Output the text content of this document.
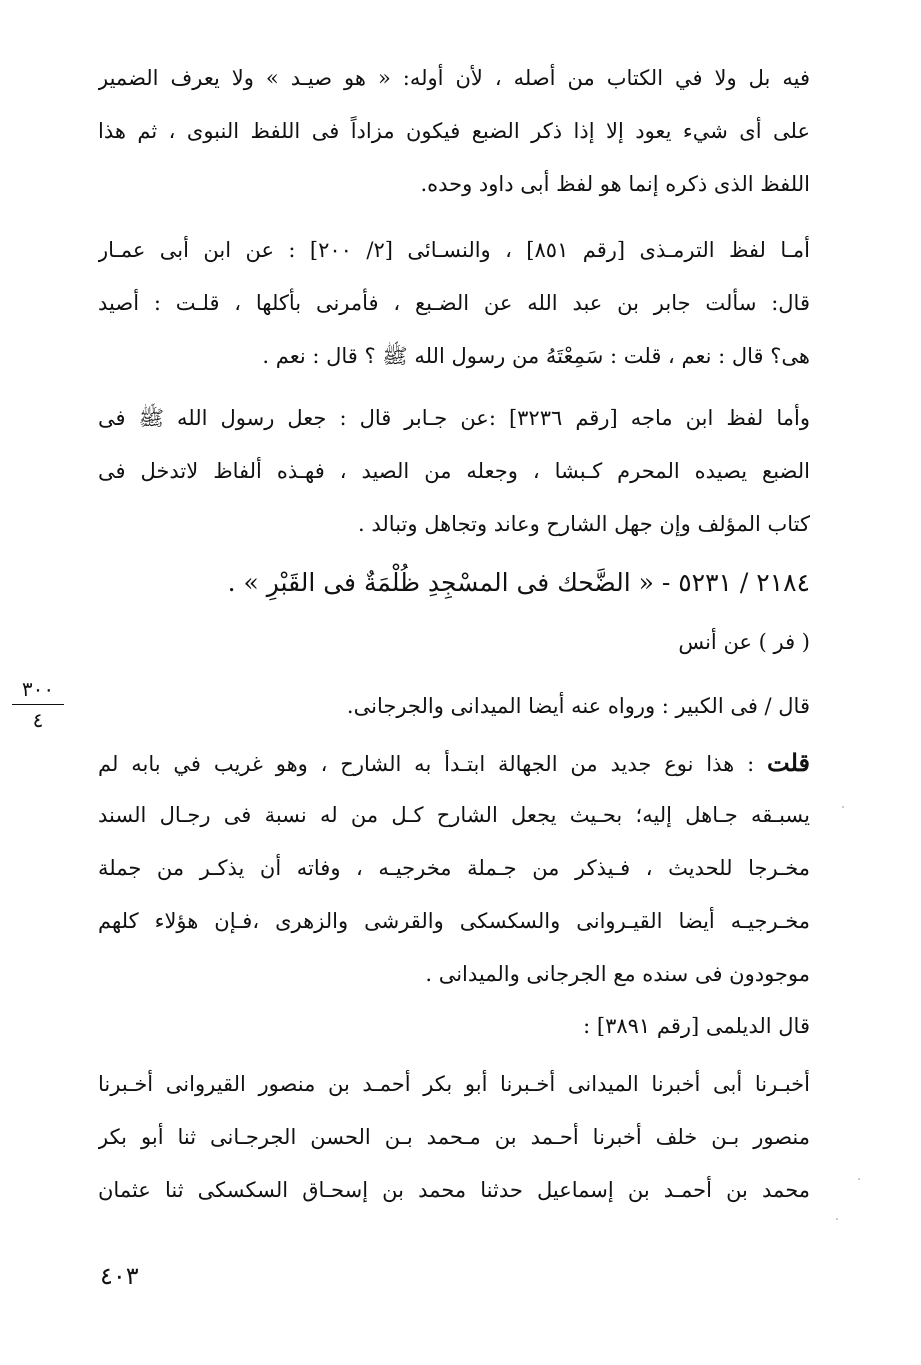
فيه بل ولا في الكتاب من أصله ، لأن أوله: « هو صيـد » ولا يعرف الضمير
على أى شيء يعود إلا إذا ذكر الضبع فيكون مزاداً فى اللفظ النبوى ، ثم هذا
اللفظ الذى ذكره إنما هو لفظ أبى داود وحده.
أمـا لفظ الترمـذى [رقم ٨٥١] ، والنسـائى [٢/ ٢٠٠] : عن ابن أبى عمـار
قال: سألت جابر بن عبد الله عن الضـبع ، فأمرنى بأكلها ، قلـت : أصيد
هى؟ قال : نعم ، قلت : سَمِعْتَهُ من رسول الله ﷺ ؟ قال : نعم .
وأما لفظ ابن ماجه [رقم ٣٢٣٦] :عن جـابر قال : جعل رسول الله ﷺ فى
الضبع يصيده المحرم كـبشا ، وجعله من الصيد ، فهـذه ألفاظ لاتدخل فى
كتاب المؤلف وإن جهل الشارح وعاند وتجاهل وتبالد .
٢١٨٤ / ٥٢٣١ - « الضَّحك فى المسْجِدِ ظُلْمَةٌ فى القَبْرِ » .
( فر ) عن أنس
قال / فى الكبير : ورواه عنه أيضا الميدانى والجرجانى.
قلت : هذا نوع جديد من الجهالة ابتـدأ به الشارح ، وهو غريب في بابه لم
يسبـقه جـاهل إليه؛ بحـيث يجعل الشارح كـل من له نسبة فى رجـال السند
مخـرجا للحديث ، فـيذكر من جـملة مخرجيـه ، وفاته أن يذكـر من جملة
مخـرجيـه أيضا القيـروانى والسكسكى والقرشى والزهرى ،فـإن هؤلاء كلهم
موجودون فى سنده مع الجرجانى والميدانى .
قال الديلمى [رقم ٣٨٩١] :
أخبـرنا أبى أخبرنا الميدانى أخـبرنا أبو بكر أحمـد بن منصور القيروانى أخـبرنا
منصور بـن خلف أخبرنا أحـمد بن مـحمد بـن الحسن الجرجـانى ثنا أبو بكر
محمد بن أحمـد بن إسماعيل حدثنا محمد بن إسحـاق السكسكى ثنا عثمان
٣٠٠
٤
٤٠٣
